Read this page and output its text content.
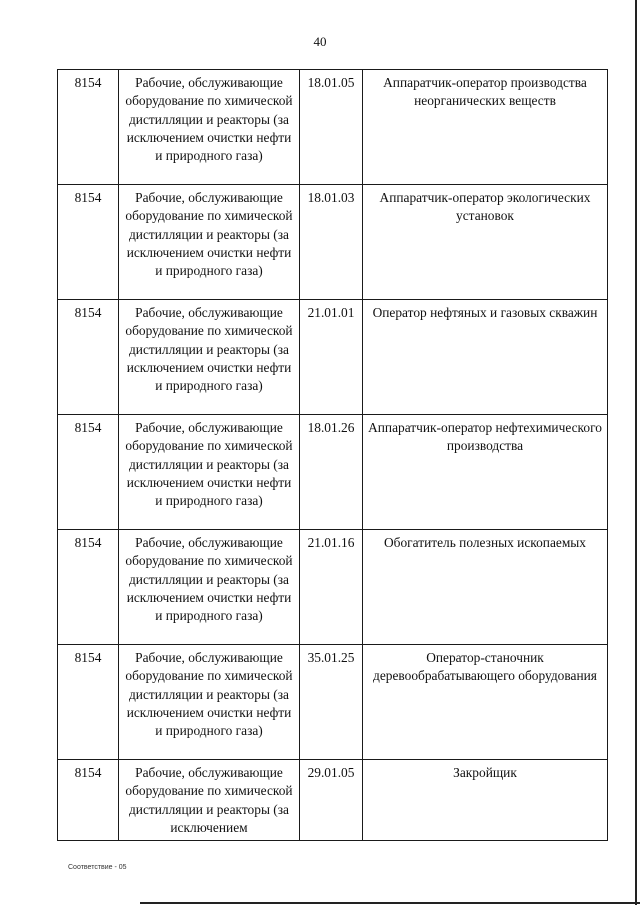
40
8154	Рабочие, обслуживающие оборудование по химической дистилляции и реакторы (за исключением очистки нефти и природного газа)	18.01.05	Аппаратчик-оператор производства неорганических веществ
8154	Рабочие, обслуживающие оборудование по химической дистилляции и реакторы (за исключением очистки нефти и природного газа)	18.01.03	Аппаратчик-оператор экологических установок
8154	Рабочие, обслуживающие оборудование по химической дистилляции и реакторы (за исключением очистки нефти и природного газа)	21.01.01	Оператор нефтяных и газовых скважин
8154	Рабочие, обслуживающие оборудование по химической дистилляции и реакторы (за исключением очистки нефти и природного газа)	18.01.26	Аппаратчик-оператор нефтехимического производства
8154	Рабочие, обслуживающие оборудование по химической дистилляции и реакторы (за исключением очистки нефти и природного газа)	21.01.16	Обогатитель полезных ископаемых
8154	Рабочие, обслуживающие оборудование по химической дистилляции и реакторы (за исключением очистки нефти и природного газа)	35.01.25	Оператор-станочник деревообрабатывающего оборудования
8154	Рабочие, обслуживающие оборудование по химической дистилляции и реакторы (за исключением	29.01.05	Закройщик
Соответствие - 05
